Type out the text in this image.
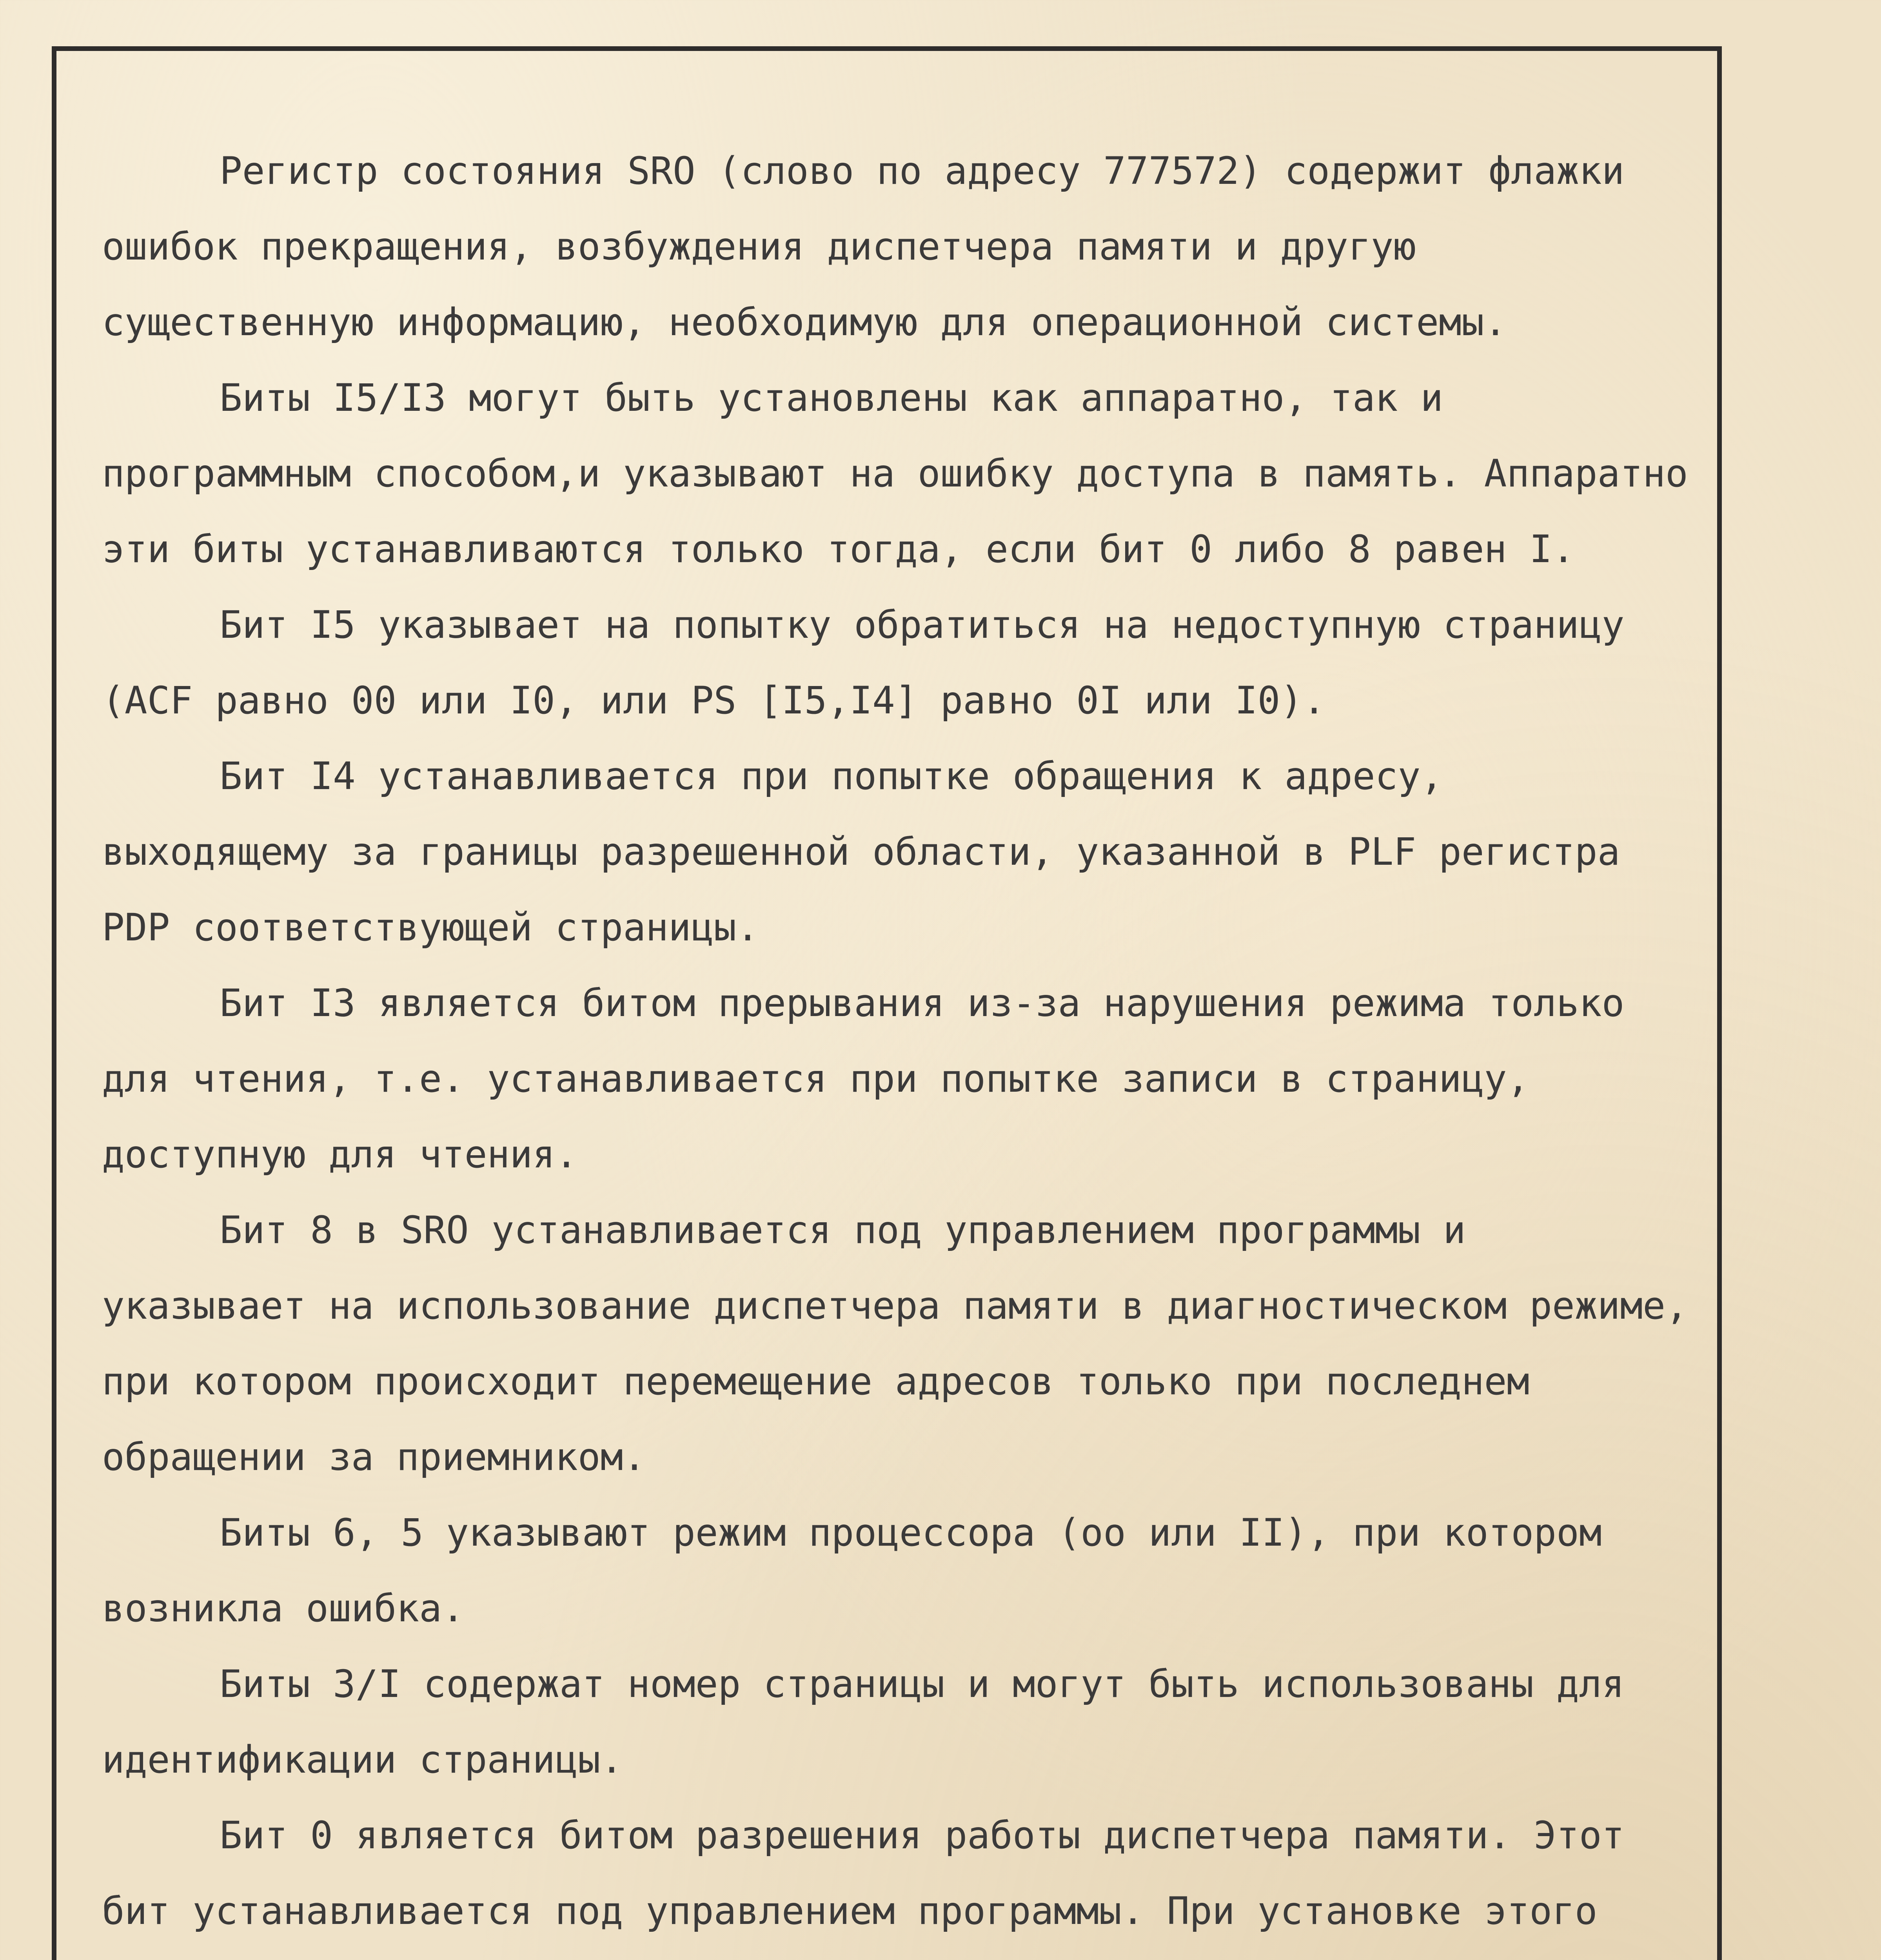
Регистр состояния SRO (слово по адресу 777572) содержит флажки ошибок прекращения, возбуждения диспетчера памяти и другую существенную информацию, необходимую для операционной системы.

Биты I5/I3 могут быть установлены как аппаратно, так и программным способом,и указывают на ошибку доступа в память. Аппаратно эти биты устанавливаются только тогда, если бит 0 либо 8 равен I.

Бит I5 указывает на попытку обратиться на недоступную страницу (ACF равно 00 или I0, или PS [I5,I4] равно 0I или I0).

Бит I4 устанавливается при попытке обращения к адресу, выходящему за границы разрешенной области, указанной в PLF регистра PDP соответствующей страницы.

Бит I3 является битом прерывания из-за нарушения режима только для чтения, т.е. устанавливается при попытке записи в страницу, доступную для чтения.

Бит 8 в SRO устанавливается под управлением программы и указывает на использование диспетчера памяти в диагностическом режиме, при котором происходит перемещение адресов только при последнем обращении за приемником.

Биты 6, 5 указывают режим процессора (оо или II), при котором возникла ошибка.

Биты 3/I содержат номер страницы и могут быть использованы для идентификации страницы.

Бит 0 является битом разрешения работы диспетчера памяти. Этот бит устанавливается под управлением программы. При установке этого
